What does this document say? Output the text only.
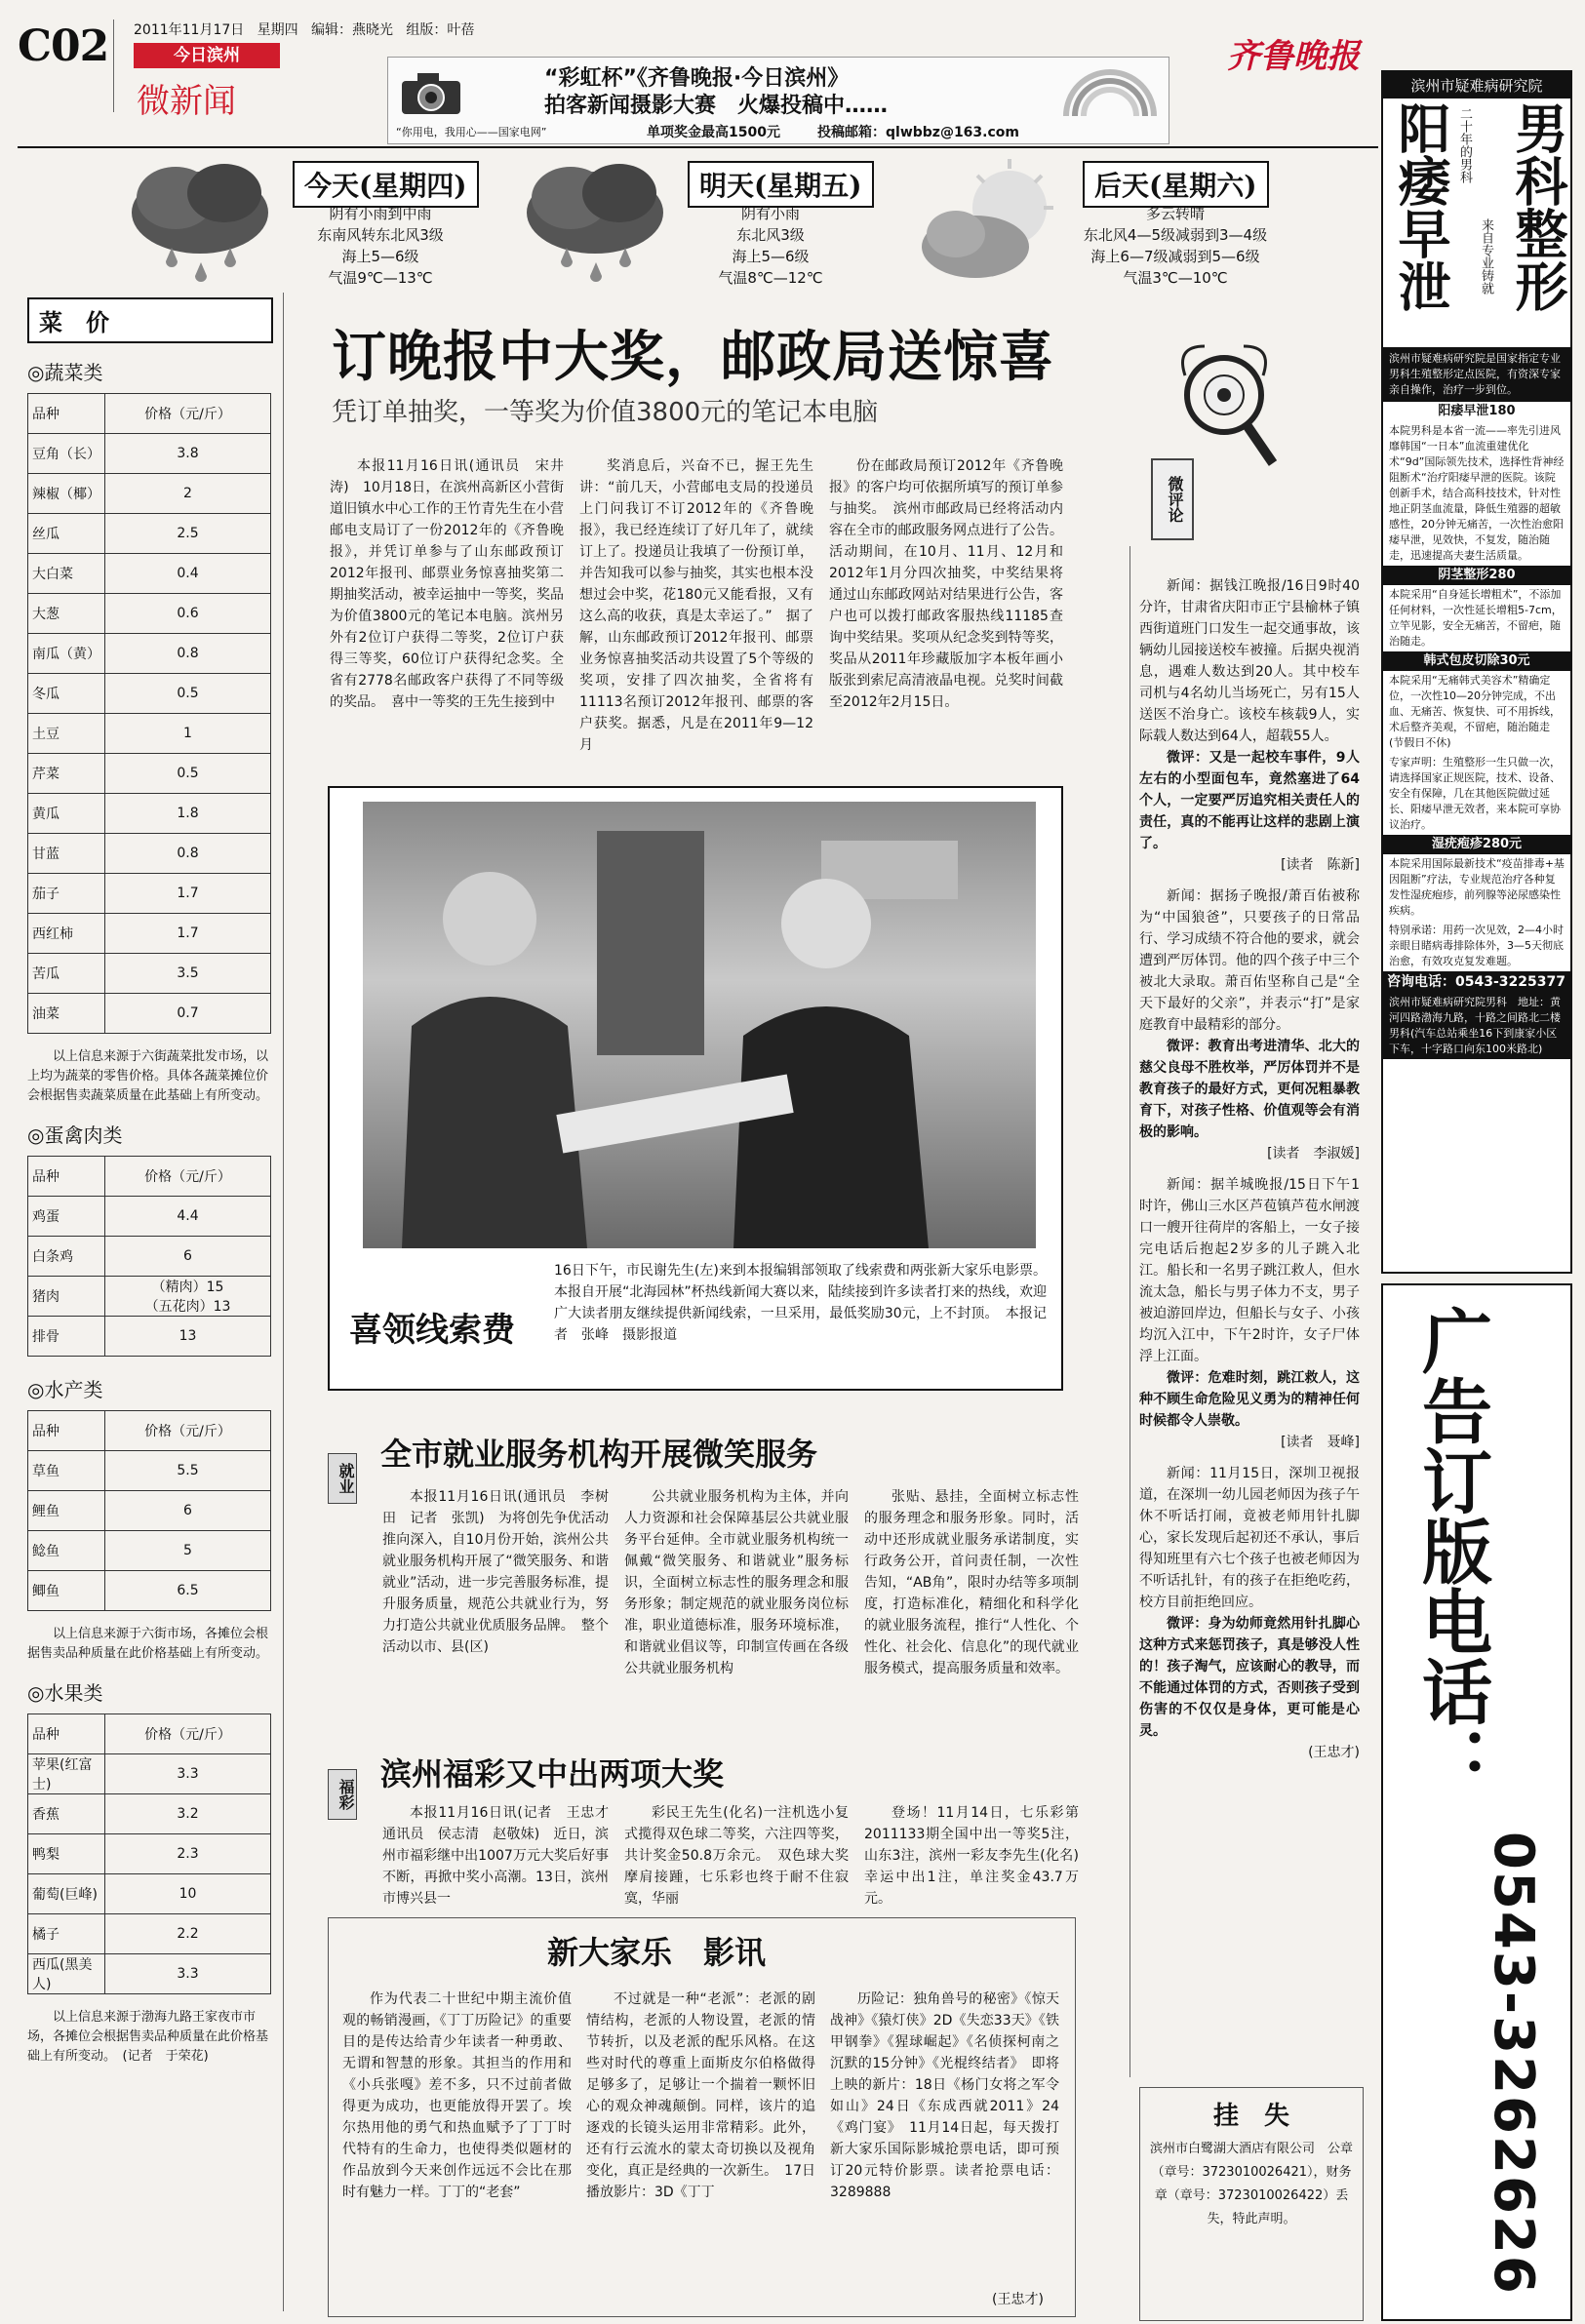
C02 2011年11月17日 星期四 编辑：燕晓光 组版：叶蓓
今日滨州
微新闻
“彩虹杯”《齐鲁晚报·今日滨州》
拍客新闻摄影大赛　火爆投稿中……
“你用电，我用心——国家电网”	单项奖金最高1500元	投稿邮箱：qlwbbz@163.com
齐鲁晚报
今天(星期四)
阴有小雨到中雨
东南风转东北风3级
海上5—6级
气温9℃—13℃
明天(星期五)
阴有小雨
东北风3级
海上5—6级
气温8℃—12℃
后天(星期六)
多云转晴
东北风4—5级减弱到3—4级
海上6—7级减弱到5—6级
气温3℃—10℃
菜　价
◎蔬菜类
品种	价格（元/斤）
豆角（长）	3.8
辣椒（椰）	2
丝瓜	2.5
大白菜	0.4
大葱	0.6
南瓜（黄）	0.8
冬瓜	0.5
土豆	1
芹菜	0.5
黄瓜	1.8
甘蓝	0.8
茄子	1.7
西红柿	1.7
苦瓜	3.5
油菜	0.7
以上信息来源于六街蔬菜批发市场，以上均为蔬菜的零售价格。具体各蔬菜摊位价会根据售卖蔬菜质量在此基础上有所变动。
◎蛋禽肉类
品种	价格（元/斤）
鸡蛋	4.4
白条鸡	6
猪肉	（精肉）15
（五花肉）13
排骨	13
◎水产类
品种	价格（元/斤）
草鱼	5.5
鲤鱼	6
鲶鱼	5
鲫鱼	6.5
以上信息来源于六街市场，各摊位会根据售卖品种质量在此价格基础上有所变动。
◎水果类
品种	价格（元/斤）
苹果(红富士)	3.3
香蕉	3.2
鸭梨	2.3
葡萄(巨峰)	10
橘子	2.2
西瓜(黑美人)	3.3
以上信息来源于渤海九路王家夜市市场，各摊位会根据售卖品种质量在此价格基础上有所变动。　(记者　于荣花)
订晚报中大奖，邮政局送惊喜
凭订单抽奖，一等奖为价值3800元的笔记本电脑
微评论

本报11月16日讯(通讯员　宋井涛)　10月18日，在滨州高新区小营街道旧镇水中心工作的王竹青先生在小营邮电支局订了一份2012年的《齐鲁晚报》，并凭订单参与了山东邮政预订2012年报刊、邮票业务惊喜抽奖第二期抽奖活动，被幸运抽中一等奖，奖品为价值3800元的笔记本电脑。滨州另外有2位订户获得二等奖，2位订户获得三等奖，60位订户获得纪念奖。全省有2778名邮政客户获得了不同等级的奖品。　喜中一等奖的王先生接到中

奖消息后，兴奋不已，握王先生讲：“前几天，小营邮电支局的投递员上门问我订不订2012年的《齐鲁晚报》，我已经连续订了好几年了，就续订上了。投递员让我填了一份预订单，并告知我可以参与抽奖，其实也根本没想过会中奖，花180元又能看报，又有这么高的收获，真是太幸运了。”　据了解，山东邮政预订2012年报刊、邮票业务惊喜抽奖活动共设置了5个等级的奖项，安排了四次抽奖，全省将有11113名预订2012年报刊、邮票的客户获奖。据悉，凡是在2011年9—12月

份在邮政局预订2012年《齐鲁晚报》的客户均可依据所填写的预订单参与抽奖。　滨州市邮政局已经将活动内容在全市的邮政服务网点进行了公告。活动期间，在10月、11月、12月和2012年1月分四次抽奖，中奖结果将通过山东邮政网站对结果进行公告，客户也可以拨打邮政客服热线11185查询中奖结果。奖项从纪念奖到特等奖，奖品从2011年珍藏版加字本板年画小版张到索尼高清液晶电视。兑奖时间截至2012年2月15日。

喜领线索费
16日下午，市民谢先生(左)来到本报编辑部领取了线索费和两张新大家乐电影票。本报自开展“北海园林”杯热线新闻大赛以来，陆续接到许多读者打来的热线，欢迎广大读者朋友继续提供新闻线索，一旦采用，最低奖励30元，上不封顶。　本报记者　张峰　摄影报道
就业
全市就业服务机构开展微笑服务

本报11月16日讯(通讯员　李树田　记者　张凯)　为将创先争优活动推向深入，自10月份开始，滨州公共就业服务机构开展了“微笑服务、和谐就业”活动，进一步完善服务标准，提升服务质量，规范公共就业行为，努力打造公共就业优质服务品牌。　整个活动以市、县(区)

公共就业服务机构为主体，并向人力资源和社会保障基层公共就业服务平台延伸。全市就业服务机构统一佩戴“微笑服务、和谐就业”服务标识，全面树立标志性的服务理念和服务形象；制定规范的就业服务岗位标准，职业道德标准，服务环境标准，和谐就业倡议等，印制宣传画在各级公共就业服务机构

张贴、悬挂，全面树立标志性的服务理念和服务形象。同时，活动中还形成就业服务承诺制度，实行政务公开，首问责任制，一次性告知，“AB角”，限时办结等多项制度，打造标准化，精细化和科学化的就业服务流程，推行“人性化、个性化、社会化、信息化”的现代就业服务模式，提高服务质量和效率。

福彩
滨州福彩又中出两项大奖

本报11月16日讯(记者　王忠才　通讯员　侯志清　赵敬妹)　近日，滨州市福彩继中出1007万元大奖后好事不断，再掀中奖小高潮。13日，滨州市博兴县一

彩民王先生(化名)一注机选小复式揽得双色球二等奖，六注四等奖，共计奖金50.8万余元。　双色球大奖摩肩接踵，七乐彩也终于耐不住寂寞，华丽

登场！11月14日，七乐彩第2011133期全国中出一等奖5注，山东3注，滨州一彩友李先生(化名)幸运中出1注，单注奖金43.7万元。

新大家乐　影讯

作为代表二十世纪中期主流价值观的畅销漫画，《丁丁历险记》的重要目的是传达给青少年读者一种勇敢、无谓和智慧的形象。其担当的作用和《小兵张嘎》差不多，只不过前者做得更为成功，也更能放得开罢了。埃尔热用他的勇气和热血赋予了丁丁时代特有的生命力，也使得类似题材的作品放到今天来创作远远不会比在那时有魅力一样。丁丁的“老套”

不过就是一种“老派”：老派的剧情结构，老派的人物设置，老派的情节转折，以及老派的配乐风格。在这些对时代的尊重上面斯皮尔伯格做得足够多了，足够让一个揣着一颗怀旧心的观众神魂颠倒。同样，该片的追逐戏的长镜头运用非常精彩。此外，还有行云流水的蒙太奇切换以及视角变化，真正是经典的一次新生。　17日播放影片：3D《丁丁

历险记：独角兽号的秘密》《惊天战神》《猿灯侠》2D《失恋33天》《铁甲钢拳》《猩球崛起》《名侦探柯南之沉默的15分钟》《光棍终结者》　即将上映的新片：18日《杨门女将之军令如山》24日《东成西就2011》24《鸡门宴》　11月14日起，每天拨打新大家乐国际影城抢票电话，即可预订20元特价影票。读者抢票电话：3289888

(王忠才)
新闻：据钱江晚报/16日9时40分许，甘肃省庆阳市正宁县榆林子镇西街道班门口发生一起交通事故，该辆幼儿园接送校车被撞。后据央视消息，遇难人数达到20人。其中校车司机与4名幼儿当场死亡，另有15人送医不治身亡。该校车核载9人，实际载人数达到64人，超载55人。
微评：又是一起校车事件，9人左右的小型面包车，竟然塞进了64个人，一定要严厉追究相关责任人的责任，真的不能再让这样的悲剧上演了。
[读者　陈新]
新闻：据扬子晚报/萧百佑被称为“中国狼爸”，只要孩子的日常品行、学习成绩不符合他的要求，就会遭到严厉体罚。他的四个孩子中三个被北大录取。萧百佑坚称自己是“全天下最好的父亲”，并表示“打”是家庭教育中最精彩的部分。
微评：教育出考进清华、北大的慈父良母不胜枚举，严厉体罚并不是教育孩子的最好方式，更何况粗暴教育下，对孩子性格、价值观等会有消极的影响。
[读者　李淑媛]
新闻：据羊城晚报/15日下午1时许，佛山三水区芦苞镇芦苞水闸渡口一艘开往荷岸的客船上，一女子接完电话后抱起2岁多的儿子跳入北江。船长和一名男子跳江救人，但水流太急，船长与男子体力不支，男子被迫游回岸边，但船长与女子、小孩均沉入江中，下午2时许，女子尸体浮上江面。
微评：危难时刻，跳江救人，这种不顾生命危险见义勇为的精神任何时候都令人崇敬。
[读者　聂峰]
新闻：11月15日，深圳卫视报道，在深圳一幼儿园老师因为孩子午休不听话打闹，竟被老师用针扎脚心，家长发现后起初还不承认，事后得知班里有六七个孩子也被老师因为不听话扎针，有的孩子在拒绝吃药，校方目前拒绝回应。
微评：身为幼师竟然用针扎脚心这种方式来惩罚孩子，真是够没人性的！孩子淘气，应该耐心的教导，而不能通过体罚的方式，否则孩子受到伤害的不仅仅是身体，更可能是心灵。
(王忠才)
挂　失
滨州市白鹭湖大酒店有限公司　公章（章号：3723010026421），财务章（章号：3723010026422）丢失，特此声明。
滨州市疑难病研究院
阳痿早泄 男科整形
二十年的男科
来自专业铸就
滨州市疑难病研究院是国家指定专业男科生殖整形定点医院，有资深专家亲自操作，治疗一步到位。
阳痿早泄180
本院男科是本省一流——率先引进风靡韩国“一日本”血流重建优化术“9d”国际领先技术，选择性背神经阻断术“治疗阳痿早泄的医院。该院创新手术，结合高科技技术，针对性地正阴茎血流量，降低生殖器的超敏感性，20分钟无痛苦，一次性治愈阳痿早泄，见效快，不复发，随治随走，迅速提高夫妻生活质量。
阴茎整形280
本院采用“自身延长增粗术”，不添加任何材料，一次性延长增粗5-7cm，立竿见影，安全无痛苦，不留疤，随治随走。
韩式包皮切除30元
本院采用“无痛韩式美容术”精确定位，一次性10—20分钟完成，不出血、无痛苦、恢复快、可不用拆线，术后整齐美观，不留疤，随治随走(节假日不休)
专家声明：生殖整形一生只做一次，请选择国家正规医院，技术、设备、安全有保障，几在其他医院做过延长、阳痿早泄无效者，来本院可享协议治疗。
湿疣疱疹280元
本院采用国际最新技术“疫苗排毒+基因阻断”疗法，专业规范治疗各种复发性湿疣疱疹，前列腺等泌尿感染性疾病。
特别承诺：用药一次见效，2—4小时亲眼目睹病毒排除体外，3—5天彻底治愈，有效攻克复发难题。
咨询电话：0543-3225377
滨州市疑难病研究院男科　地址：黄河四路渤海九路，十路之间路北二楼男科(汽车总站乘坐16下到康家小区下车，十字路口向东100米路北)
广告订版电话：
0543-3262626
